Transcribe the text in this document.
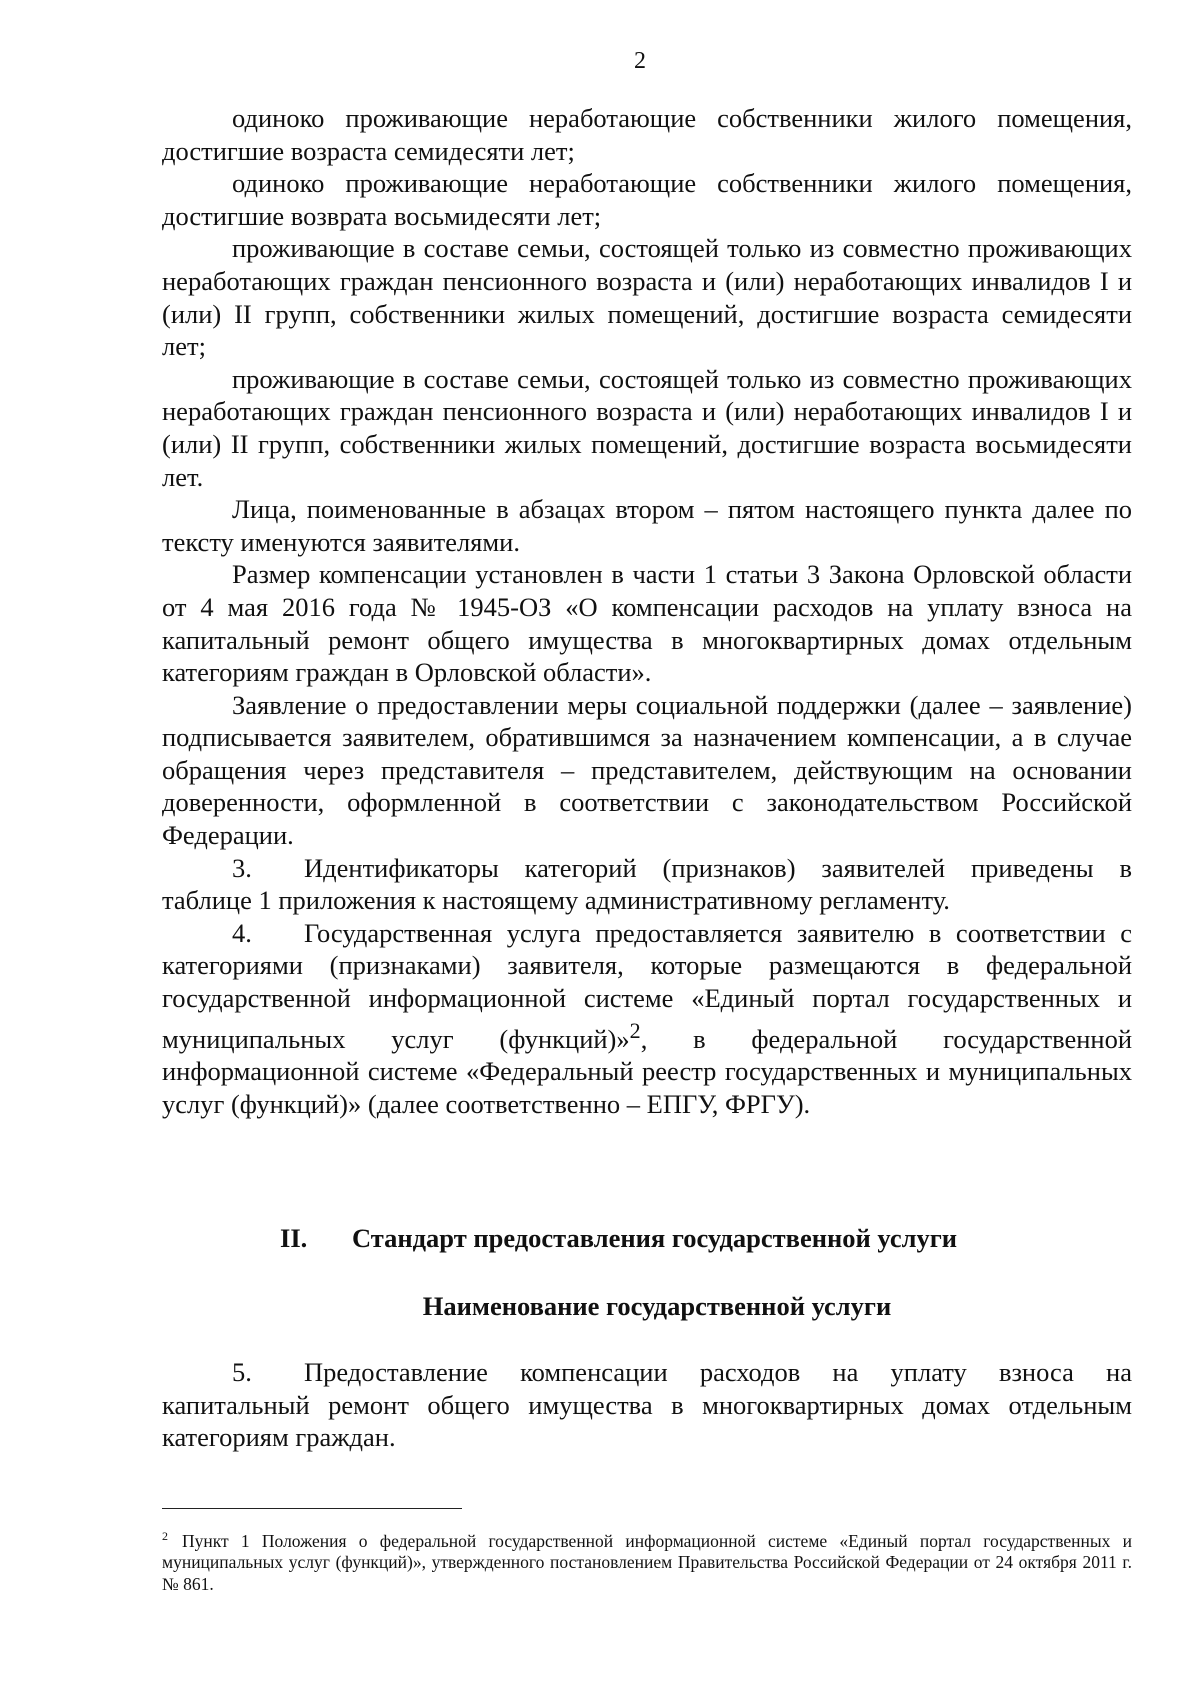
2

одиноко проживающие неработающие собственники жилого помещения, достигшие возраста семидесяти лет;

одиноко проживающие неработающие собственники жилого помещения, достигшие возврата восьмидесяти лет;

проживающие в составе семьи, состоящей только из совместно проживающих неработающих граждан пенсионного возраста и (или) неработающих инвалидов I и (или) II групп, собственники жилых помещений, достигшие возраста семидесяти лет;

проживающие в составе семьи, состоящей только из совместно проживающих неработающих граждан пенсионного возраста и (или) неработающих инвалидов I и (или) II групп, собственники жилых помещений, достигшие возраста восьмидесяти лет.

Лица, поименованные в абзацах втором – пятом настоящего пункта далее по тексту именуются заявителями.

Размер компенсации установлен в части 1 статьи 3 Закона Орловской области от 4 мая 2016 года № 1945-ОЗ «О компенсации расходов на уплату взноса на капитальный ремонт общего имущества в многоквартирных домах отдельным категориям граждан в Орловской области».

Заявление о предоставлении меры социальной поддержки (далее – заявление) подписывается заявителем, обратившимся за назначением компенсации, а в случае обращения через представителя – представителем, действующим на основании доверенности, оформленной в соответствии с законодательством Российской Федерации.

3. Идентификаторы категорий (признаков) заявителей приведены в таблице 1 приложения к настоящему административному регламенту.

4. Государственная услуга предоставляется заявителю в соответствии с категориями (признаками) заявителя, которые размещаются в федеральной государственной информационной системе «Единый портал государственных и муниципальных услуг (функций)»$^2$, в федеральной государственной информационной системе «Федеральный реестр государственных и муниципальных услуг (функций)» (далее соответственно – ЕПГУ, ФРГУ).

II. Стандарт предоставления государственной услуги
Наименование государственной услуги

5. Предоставление компенсации расходов на уплату взноса на капитальный ремонт общего имущества в многоквартирных домах отдельным категориям граждан.

$^2$ Пункт 1 Положения о федеральной государственной информационной системе «Единый портал государственных и муниципальных услуг (функций)», утвержденного постановлением Правительства Российской Федерации от 24 октября 2011 г. № 861.
